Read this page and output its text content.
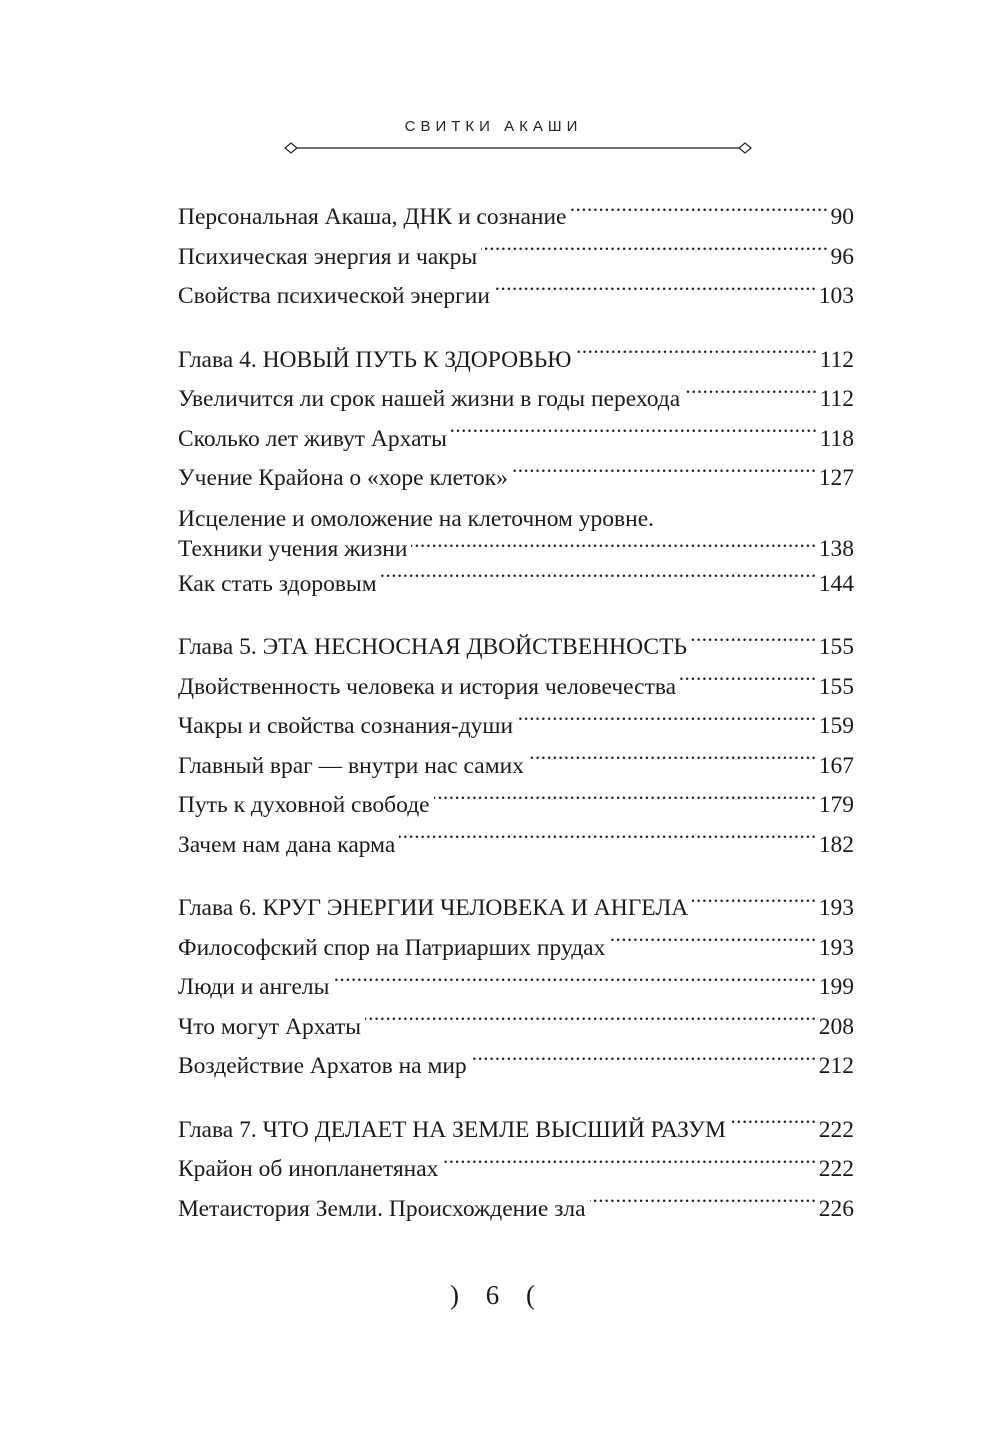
СВИТКИ АКАШИ
Персональная Акаша, ДНК и сознание .....	90
Психическая энергия и чакры .....	96
Свойства психической энергии .....	103
Глава 4. НОВЫЙ ПУТЬ К ЗДОРОВЬЮ .....	112
Увеличится ли срок нашей жизни в годы перехода .....	112
Сколько лет живут Архаты .....	118
Учение Крайона о «хоре клеток» .....	127
Исцеление и омоложение на клеточном уровне.
Техники учения жизни .....	138
Как стать здоровым .....	144
Глава 5. ЭТА НЕСНОСНАЯ ДВОЙСТВЕННОСТЬ .....	155
Двойственность человека и история человечества .....	155
Чакры и свойства сознания-души .....	159
Главный враг — внутри нас самих .....	167
Путь к духовной свободе .....	179
Зачем нам дана карма .....	182
Глава 6. КРУГ ЭНЕРГИИ ЧЕЛОВЕКА И АНГЕЛА .....	193
Философский спор на Патриарших прудах .....	193
Люди и ангелы .....	199
Что могут Архаты .....	208
Воздействие Архатов на мир .....	212
Глава 7. ЧТО ДЕЛАЕТ НА ЗЕМЛЕ ВЫСШИЙ РАЗУМ .....	222
Крайон об инопланетянах .....	222
Метаистория Земли. Происхождение зла .....	226
) 6 (
